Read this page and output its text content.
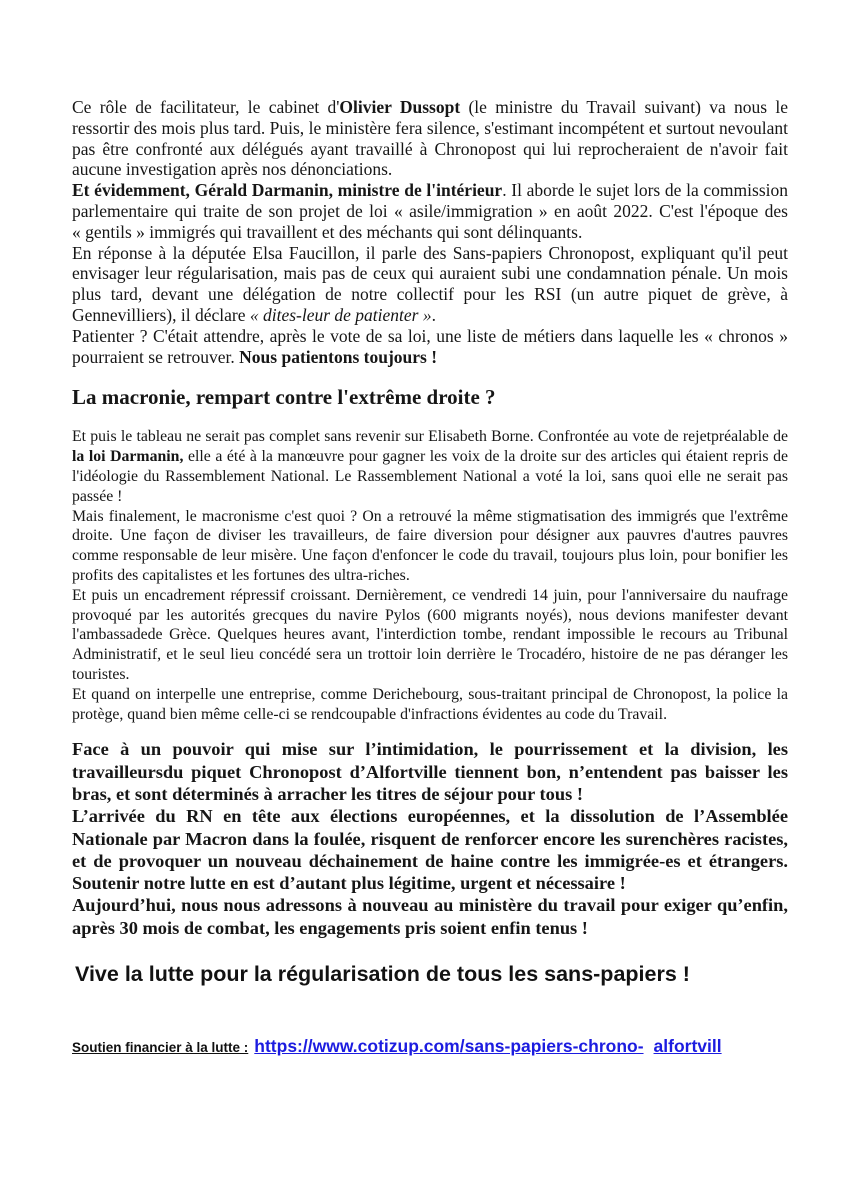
Ce rôle de facilitateur, le cabinet d'Olivier Dussopt (le ministre du Travail suivant) va nous le ressortir des mois plus tard. Puis, le ministère fera silence, s'estimant incompétent et surtout nevoulant pas être confronté aux délégués ayant travaillé à Chronopost qui lui reprocheraient de n'avoir fait aucune investigation après nos dénonciations.

Et évidemment, Gérald Darmanin, ministre de l'intérieur. Il aborde le sujet lors de la commission parlementaire qui traite de son projet de loi « asile/immigration » en août 2022. C'est l'époque des « gentils » immigrés qui travaillent et des méchants qui sont délinquants.

En réponse à la députée Elsa Faucillon, il parle des Sans-papiers Chronopost, expliquant qu'il peut envisager leur régularisation, mais pas de ceux qui auraient subi une condamnation pénale. Un mois plus tard, devant une délégation de notre collectif pour les RSI (un autre piquet de grève, à Gennevilliers), il déclare « dites-leur de patienter ».

Patienter ? C'était attendre, après le vote de sa loi, une liste de métiers dans laquelle les « chronos » pourraient se retrouver. Nous patientons toujours !

La macronie, rempart contre l'extrême droite ?

Et puis le tableau ne serait pas complet sans revenir sur Elisabeth Borne. Confrontée au vote de rejetpréalable de la loi Darmanin, elle a été à la manœuvre pour gagner les voix de la droite sur des articles qui étaient repris de l'idéologie du Rassemblement National. Le Rassemblement National a voté la loi, sans quoi elle ne serait pas passée !

Mais finalement, le macronisme c'est quoi ? On a retrouvé la même stigmatisation des immigrés que l'extrême droite. Une façon de diviser les travailleurs, de faire diversion pour désigner aux pauvres d'autres pauvres comme responsable de leur misère. Une façon d'enfoncer le code du travail, toujours plus loin, pour bonifier les profits des capitalistes et les fortunes des ultra-riches.

Et puis un encadrement répressif croissant. Dernièrement, ce vendredi 14 juin, pour l'anniversaire du naufrage provoqué par les autorités grecques du navire Pylos (600 migrants noyés), nous devions manifester devant l'ambassadede Grèce. Quelques heures avant, l'interdiction tombe, rendant impossible le recours au Tribunal Administratif, et le seul lieu concédé sera un trottoir loin derrière le Trocadéro, histoire de ne pas déranger les touristes.

Et quand on interpelle une entreprise, comme Derichebourg, sous-traitant principal de Chronopost, la police la protège, quand bien même celle-ci se rendcoupable d'infractions évidentes au code du Travail.

Face à un pouvoir qui mise sur l’intimidation, le pourrissement et la division, les travailleursdu piquet Chronopost d’Alfortville tiennent bon, n’entendent pas baisser les bras, et sont déterminés à arracher les titres de séjour pour tous !

L’arrivée du RN en tête aux élections européennes, et la dissolution de l’Assemblée Nationale par Macron dans la foulée, risquent de renforcer encore les surenchères racistes, et de provoquer un nouveau déchainement de haine contre les immigrée-es et étrangers. Soutenir notre lutte en est d’autant plus légitime, urgent et nécessaire !

Aujourd’hui, nous nous adressons à nouveau au ministère du travail pour exiger qu’enfin, après 30 mois de combat, les engagements pris soient enfin tenus !

Vive la lutte pour la régularisation de tous les sans-papiers !

Soutien financier à la lutte : https://www.cotizup.com/sans-papiers-chrono- alfortvill
